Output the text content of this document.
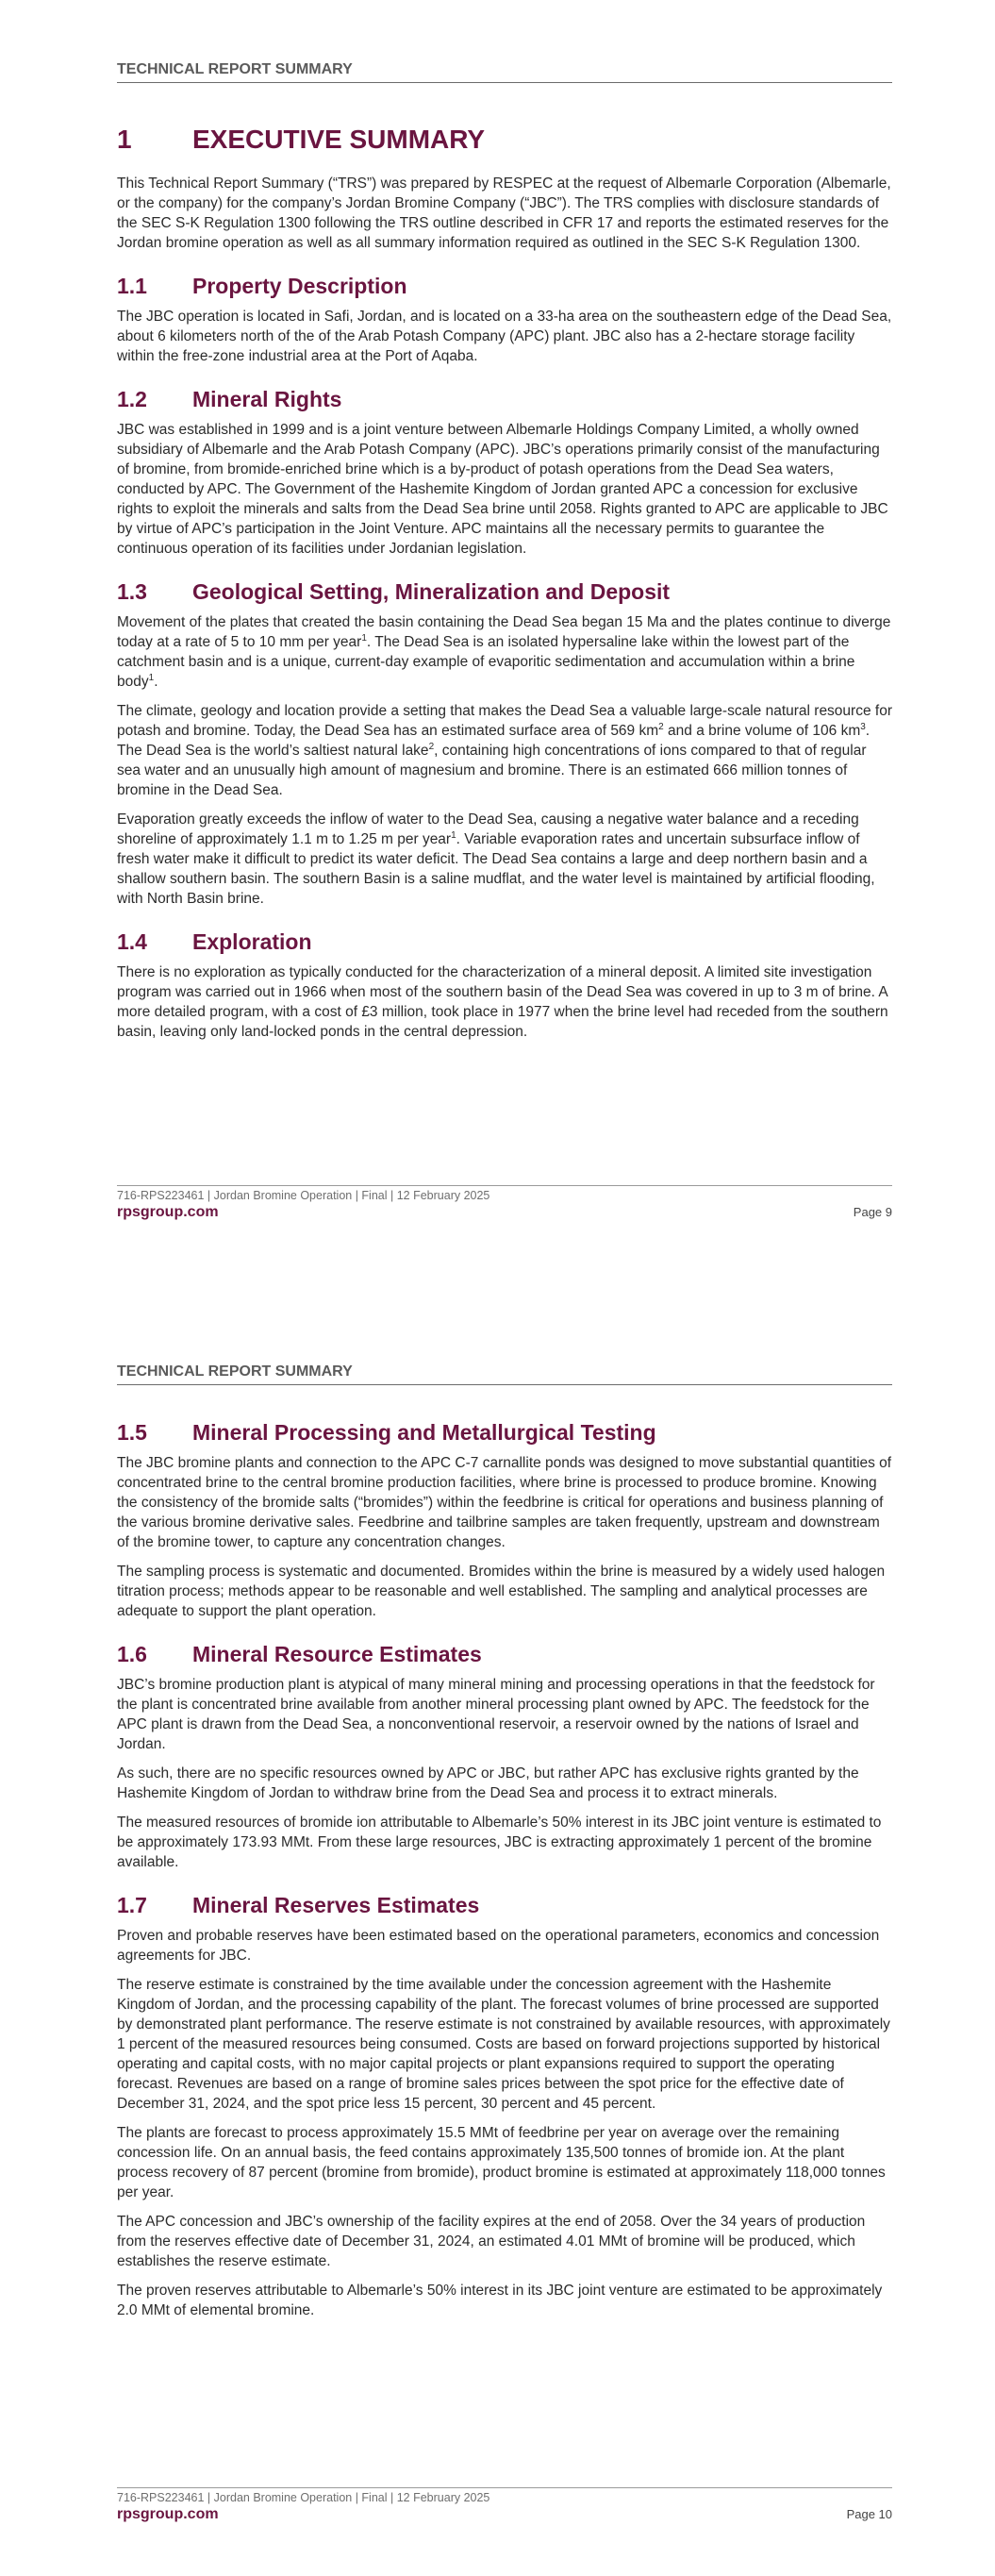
TECHNICAL REPORT SUMMARY
1	EXECUTIVE SUMMARY

This Technical Report Summary (“TRS”) was prepared by RESPEC at the request of Albemarle Corporation (Albemarle, or the company) for the company’s Jordan Bromine Company (“JBC”). The TRS complies with disclosure standards of the SEC S-K Regulation 1300 following the TRS outline described in CFR 17 and reports the estimated reserves for the Jordan bromine operation as well as all summary information required as outlined in the SEC S-K Regulation 1300.

1.1	Property Description

The JBC operation is located in Safi, Jordan, and is located on a 33-ha area on the southeastern edge of the Dead Sea, about 6 kilometers north of the of the Arab Potash Company (APC) plant. JBC also has a 2-hectare storage facility within the free-zone industrial area at the Port of Aqaba.

1.2	Mineral Rights

JBC was established in 1999 and is a joint venture between Albemarle Holdings Company Limited, a wholly owned subsidiary of Albemarle and the Arab Potash Company (APC). JBC’s operations primarily consist of the manufacturing of bromine, from bromide-enriched brine which is a by-product of potash operations from the Dead Sea waters, conducted by APC. The Government of the Hashemite Kingdom of Jordan granted APC a concession for exclusive rights to exploit the minerals and salts from the Dead Sea brine until 2058. Rights granted to APC are applicable to JBC by virtue of APC’s participation in the Joint Venture. APC maintains all the necessary permits to guarantee the continuous operation of its facilities under Jordanian legislation.

1.3	Geological Setting, Mineralization and Deposit

Movement of the plates that created the basin containing the Dead Sea began 15 Ma and the plates continue to diverge today at a rate of 5 to 10 mm per year$^1$. The Dead Sea is an isolated hypersaline lake within the lowest part of the catchment basin and is a unique, current-day example of evaporitic sedimentation and accumulation within a brine body$^1$.

The climate, geology and location provide a setting that makes the Dead Sea a valuable large-scale natural resource for potash and bromine. Today, the Dead Sea has an estimated surface area of 569 $km^2$ and a brine volume of 106 $km^3$. The Dead Sea is the world’s saltiest natural lake$^2$, containing high concentrations of ions compared to that of regular sea water and an unusually high amount of magnesium and bromine. There is an estimated 666 million tonnes of bromine in the Dead Sea.

Evaporation greatly exceeds the inflow of water to the Dead Sea, causing a negative water balance and a receding shoreline of approximately 1.1 m to 1.25 m per year$^1$. Variable evaporation rates and uncertain subsurface inflow of fresh water make it difficult to predict its water deficit. The Dead Sea contains a large and deep northern basin and a shallow southern basin. The southern Basin is a saline mudflat, and the water level is maintained by artificial flooding, with North Basin brine.

1.4	Exploration

There is no exploration as typically conducted for the characterization of a mineral deposit. A limited site investigation program was carried out in 1966 when most of the southern basin of the Dead Sea was covered in up to 3 m of brine. A more detailed program, with a cost of £3 million, took place in 1977 when the brine level had receded from the southern basin, leaving only land-locked ponds in the central depression.

716-RPS223461 | Jordan Bromine Operation | Final | 12 February 2025
rpsgroup.com	Page 9
TECHNICAL REPORT SUMMARY
1.5	Mineral Processing and Metallurgical Testing

The JBC bromine plants and connection to the APC C-7 carnallite ponds was designed to move substantial quantities of concentrated brine to the central bromine production facilities, where brine is processed to produce bromine. Knowing the consistency of the bromide salts (“bromides”) within the feedbrine is critical for operations and business planning of the various bromine derivative sales. Feedbrine and tailbrine samples are taken frequently, upstream and downstream of the bromine tower, to capture any concentration changes.

The sampling process is systematic and documented. Bromides within the brine is measured by a widely used halogen titration process; methods appear to be reasonable and well established. The sampling and analytical processes are adequate to support the plant operation.

1.6	Mineral Resource Estimates

JBC’s bromine production plant is atypical of many mineral mining and processing operations in that the feedstock for the plant is concentrated brine available from another mineral processing plant owned by APC. The feedstock for the APC plant is drawn from the Dead Sea, a nonconventional reservoir, a reservoir owned by the nations of Israel and Jordan.

As such, there are no specific resources owned by APC or JBC, but rather APC has exclusive rights granted by the Hashemite Kingdom of Jordan to withdraw brine from the Dead Sea and process it to extract minerals.

The measured resources of bromide ion attributable to Albemarle’s 50% interest in its JBC joint venture is estimated to be approximately 173.93 MMt. From these large resources, JBC is extracting approximately 1 percent of the bromine available.

1.7	Mineral Reserves Estimates

Proven and probable reserves have been estimated based on the operational parameters, economics and concession agreements for JBC.

The reserve estimate is constrained by the time available under the concession agreement with the Hashemite Kingdom of Jordan, and the processing capability of the plant. The forecast volumes of brine processed are supported by demonstrated plant performance. The reserve estimate is not constrained by available resources, with approximately 1 percent of the measured resources being consumed. Costs are based on forward projections supported by historical operating and capital costs, with no major capital projects or plant expansions required to support the operating forecast. Revenues are based on a range of bromine sales prices between the spot price for the effective date of December 31, 2024, and the spot price less 15 percent, 30 percent and 45 percent.

The plants are forecast to process approximately 15.5 MMt of feedbrine per year on average over the remaining concession life. On an annual basis, the feed contains approximately 135,500 tonnes of bromide ion. At the plant process recovery of 87 percent (bromine from bromide), product bromine is estimated at approximately 118,000 tonnes per year.

The APC concession and JBC’s ownership of the facility expires at the end of 2058. Over the 34 years of production from the reserves effective date of December 31, 2024, an estimated 4.01 MMt of bromine will be produced, which establishes the reserve estimate.

The proven reserves attributable to Albemarle’s 50% interest in its JBC joint venture are estimated to be approximately 2.0 MMt of elemental bromine.

716-RPS223461 | Jordan Bromine Operation | Final | 12 February 2025
rpsgroup.com	Page 10
